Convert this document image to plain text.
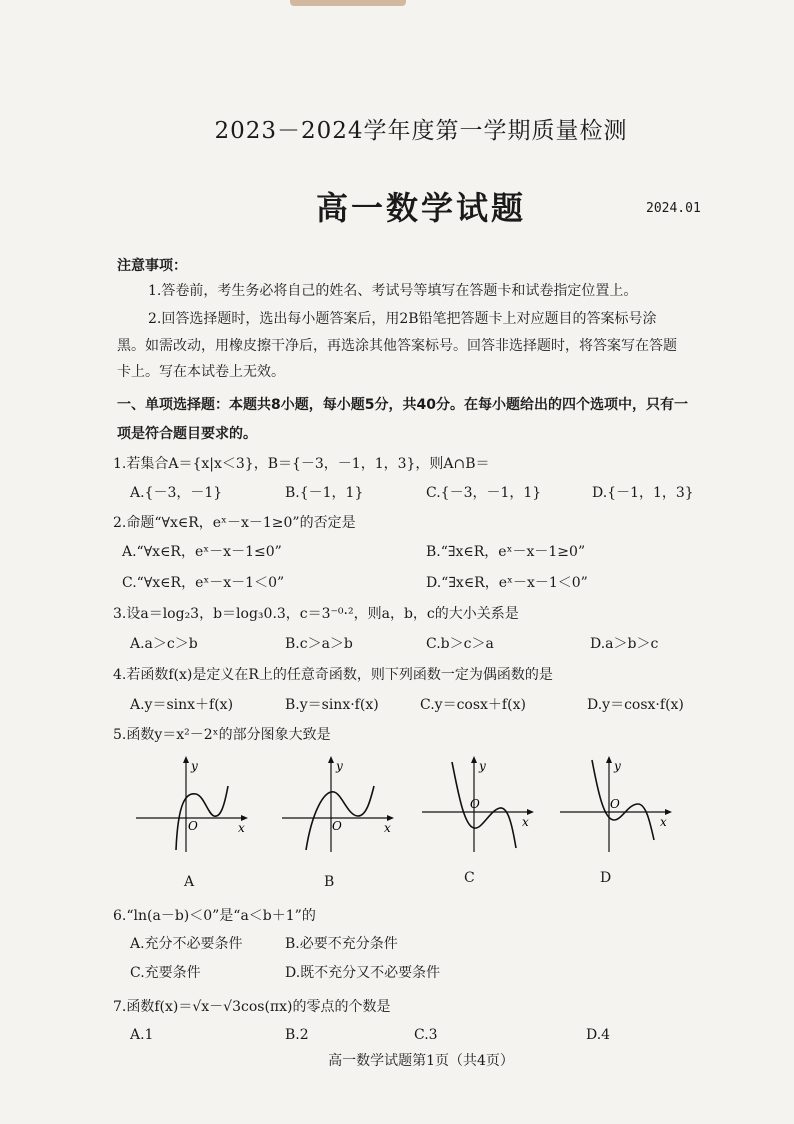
2023－2024学年度第一学期质量检测
高一数学试题	2024.01
注意事项：
1.答卷前，考生务必将自己的姓名、考试号等填写在答题卡和试卷指定位置上。
2.回答选择题时，选出每小题答案后，用2B铅笔把答题卡上对应题目的答案标号涂
黑。如需改动，用橡皮擦干净后，再选涂其他答案标号。回答非选择题时，将答案写在答题
卡上。写在本试卷上无效。
一、单项选择题：本题共8小题，每小题5分，共40分。在每小题给出的四个选项中，只有一
项是符合题目要求的。
1.若集合A＝{x|x＜3}，B＝{－3，－1，1，3}，则A∩B＝
A.{－3，－1}	B.{－1，1}	C.{－3，－1，1}	D.{－1，1，3}
2.命题“∀x∈R，eˣ－x－1≥0”的否定是
A.“∀x∈R，eˣ－x－1≤0”	B.“∃x∈R，eˣ－x－1≥0”
C.“∀x∈R，eˣ－x－1＜0”	D.“∃x∈R，eˣ－x－1＜0”
3.设a＝log₂3，b＝log₃0.3，c＝3⁻⁰·²，则a，b，c的大小关系是
A.a＞c＞b	B.c＞a＞b	C.b＞c＞a	D.a＞b＞c
4.若函数f(x)是定义在R上的任意奇函数，则下列函数一定为偶函数的是
A.y＝sinx＋f(x)	B.y＝sinx·f(x)	C.y＝cosx＋f(x)	D.y＝cosx·f(x)
5.函数y＝x²－2ˣ的部分图象大致是
y
x
O
A
y
x
O
B
y
x
O
C
y
x
O
D
6.“ln(a－b)＜0”是“a＜b＋1”的
A.充分不必要条件	B.必要不充分条件
C.充要条件	D.既不充分又不必要条件
7.函数f(x)＝√x－√3cos(πx)的零点的个数是
A.1	B.2	C.3	D.4
高一数学试题第1页（共4页）
